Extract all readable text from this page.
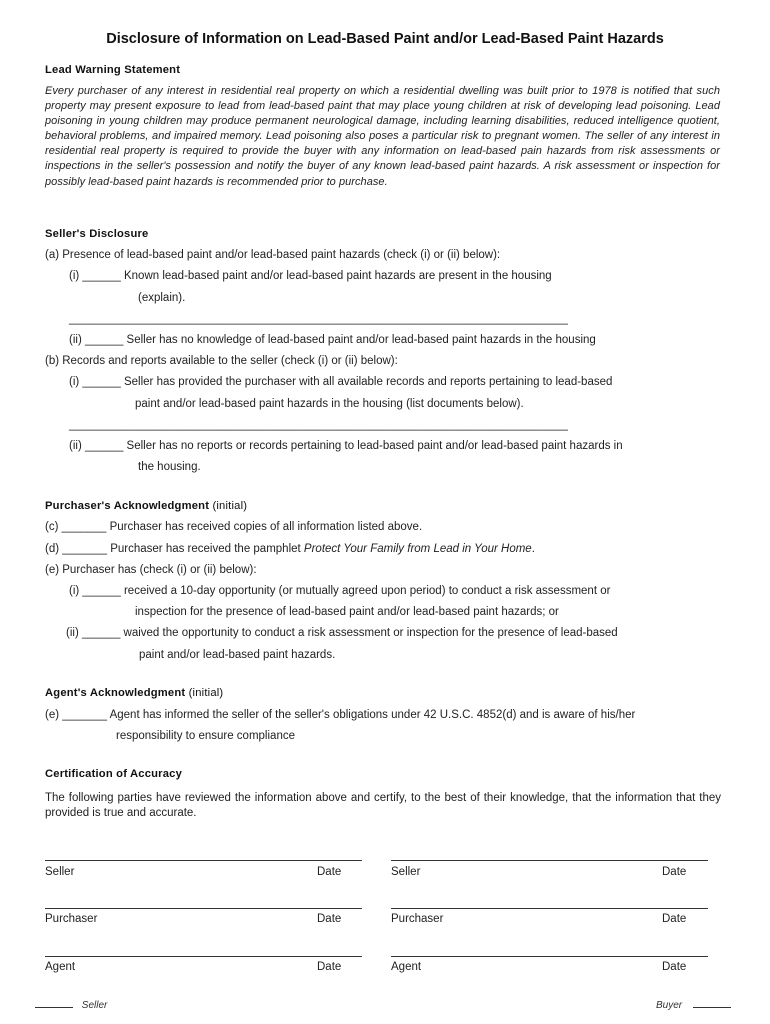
Disclosure of Information on Lead-Based Paint and/or Lead-Based Paint Hazards
Lead Warning Statement
Every purchaser of any interest in residential real property on which a residential dwelling was built prior to 1978 is notified that such property may present exposure to lead from lead-based paint that may place young children at risk of developing lead poisoning. Lead poisoning in young children may produce permanent neurological damage, including learning disabilities, reduced intelligence quotient, behavioral problems, and impaired memory. Lead poisoning also poses a particular risk to pregnant women. The seller of any interest in residential real property is required to provide the buyer with any information on lead-based pain hazards from risk assessments or inspections in the seller's possession and notify the buyer of any known lead-based paint hazards. A risk assessment or inspection for possibly lead-based paint hazards is recommended prior to purchase.
Seller's Disclosure
(a) Presence of lead-based paint and/or lead-based paint hazards (check (i) or (ii) below):
(i) ______ Known lead-based paint and/or lead-based paint hazards are present in the housing
(explain).
______________________________________________________________________________
(ii) ______ Seller has no knowledge of lead-based paint and/or lead-based paint hazards in the housing
(b) Records and reports available to the seller (check (i) or (ii) below):
(i) ______ Seller has provided the purchaser with all available records and reports pertaining to lead-based
paint and/or lead-based paint hazards in the housing (list documents below).
______________________________________________________________________________
(ii) ______ Seller has no reports or records pertaining to lead-based paint and/or lead-based paint hazards in
the housing.
Purchaser's Acknowledgment (initial)
(c) _______ Purchaser has received copies of all information listed above.
(d) _______ Purchaser has received the pamphlet Protect Your Family from Lead in Your Home.
(e) Purchaser has (check (i) or (ii) below):
(i) ______ received a 10-day opportunity (or mutually agreed upon period) to conduct a risk assessment or
inspection for the presence of lead-based paint and/or lead-based paint hazards; or
(ii) ______ waived the opportunity to conduct a risk assessment or inspection for the presence of lead-based
paint and/or lead-based paint hazards.
Agent's Acknowledgment (initial)
(e) _______ Agent has informed the seller of the seller's obligations under 42 U.S.C. 4852(d) and is aware of his/her
responsibility to ensure compliance
Certification of Accuracy
The following parties have reviewed the information above and certify, to the best of their knowledge, that the information that they provided is true and accurate.
Seller	Date	Seller	Date
Purchaser	Date	Purchaser	Date
Agent	Date	Agent	Date
Seller	Buyer
